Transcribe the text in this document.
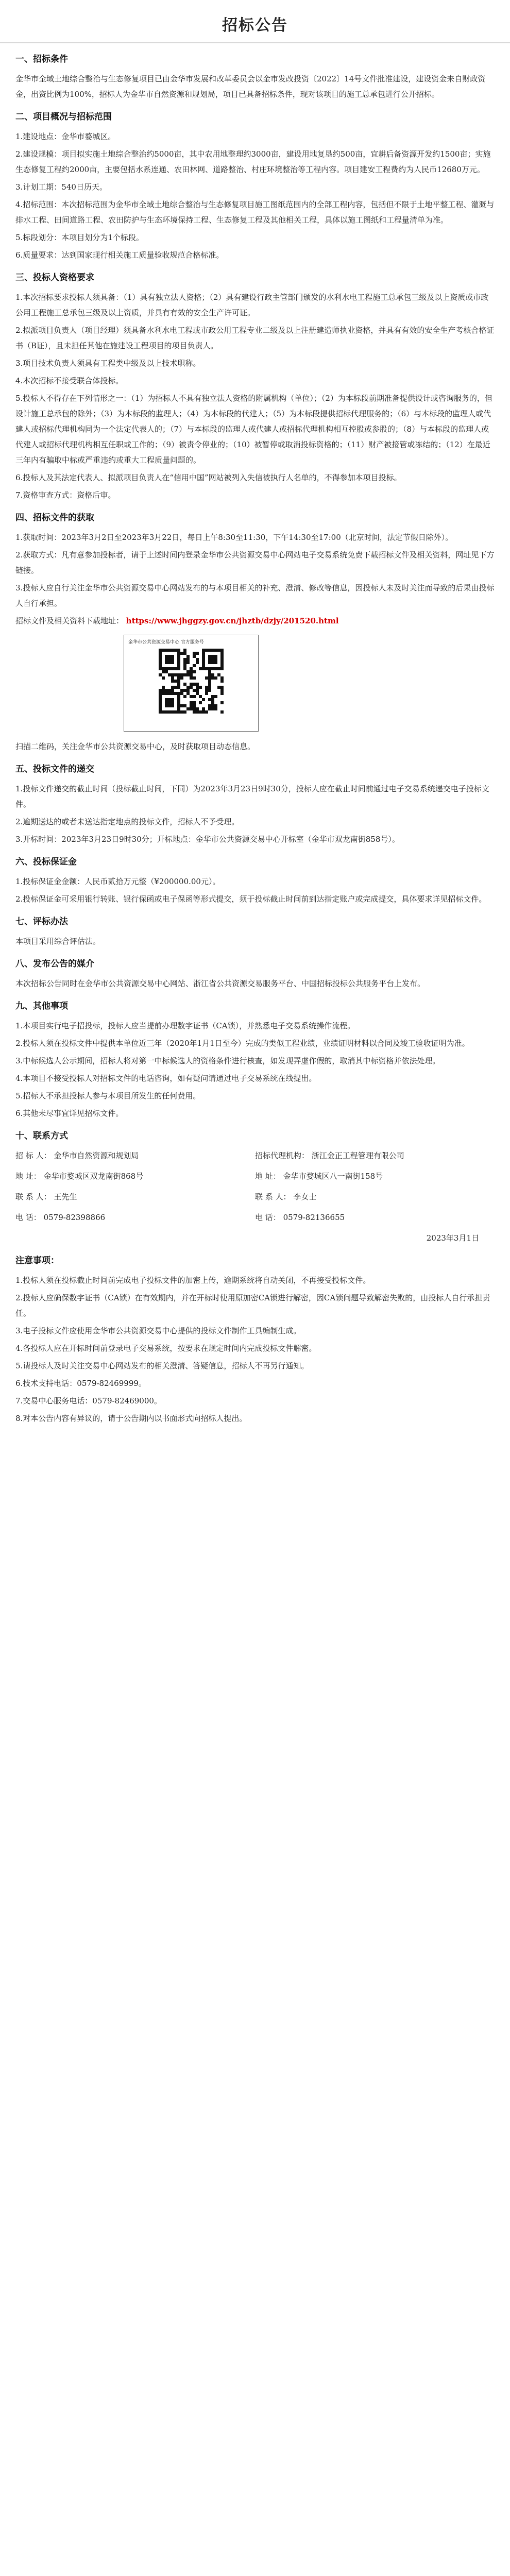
招标公告
一、招标条件

金华市全域土地综合整治与生态修复项目已由金华市发展和改革委员会以金市发改投资〔2022〕14号文件批准建设，建设资金来自财政资金，出资比例为100%，招标人为金华市自然资源和规划局，项目已具备招标条件，现对该项目的施工总承包进行公开招标。

二、项目概况与招标范围

1.建设地点：金华市婺城区。

2.建设规模：项目拟实施土地综合整治约5000亩，其中农用地整理约3000亩，建设用地复垦约500亩，宜耕后备资源开发约1500亩；实施生态修复工程约2000亩，主要包括水系连通、农田林网、道路整治、村庄环境整治等工程内容。项目建安工程费约为人民币12680万元。

3.计划工期：540日历天。

4.招标范围：本次招标范围为金华市全域土地综合整治与生态修复项目施工图纸范围内的全部工程内容，包括但不限于土地平整工程、灌溉与排水工程、田间道路工程、农田防护与生态环境保持工程、生态修复工程及其他相关工程，具体以施工图纸和工程量清单为准。

5.标段划分：本项目划分为1个标段。

6.质量要求：达到国家现行相关施工质量验收规范合格标准。

三、投标人资格要求

1.本次招标要求投标人须具备：（1）具有独立法人资格；（2）具有建设行政主管部门颁发的水利水电工程施工总承包三级及以上资质或市政公用工程施工总承包三级及以上资质，并具有有效的安全生产许可证。

2.拟派项目负责人（项目经理）须具备水利水电工程或市政公用工程专业二级及以上注册建造师执业资格，并具有有效的安全生产考核合格证书（B证），且未担任其他在施建设工程项目的项目负责人。

3.项目技术负责人须具有工程类中级及以上技术职称。

4.本次招标不接受联合体投标。

5.投标人不得存在下列情形之一：（1）为招标人不具有独立法人资格的附属机构（单位）；（2）为本标段前期准备提供设计或咨询服务的，但设计施工总承包的除外；（3）为本标段的监理人；（4）为本标段的代建人；（5）为本标段提供招标代理服务的；（6）与本标段的监理人或代建人或招标代理机构同为一个法定代表人的；（7）与本标段的监理人或代建人或招标代理机构相互控股或参股的；（8）与本标段的监理人或代建人或招标代理机构相互任职或工作的；（9）被责令停业的；（10）被暂停或取消投标资格的；（11）财产被接管或冻结的；（12）在最近三年内有骗取中标或严重违约或重大工程质量问题的。

6.投标人及其法定代表人、拟派项目负责人在“信用中国”网站被列入失信被执行人名单的，不得参加本项目投标。

7.资格审查方式：资格后审。

四、招标文件的获取

1.获取时间：2023年3月2日至2023年3月22日，每日上午8:30至11:30，下午14:30至17:00（北京时间，法定节假日除外）。

2.获取方式：凡有意参加投标者，请于上述时间内登录金华市公共资源交易中心网站电子交易系统免费下载招标文件及相关资料，网址见下方链接。

3.投标人应自行关注金华市公共资源交易中心网站发布的与本项目相关的补充、澄清、修改等信息，因投标人未及时关注而导致的后果由投标人自行承担。

招标文件及相关资料下载地址： https://www.jhggzy.gov.cn/jhztb/dzjy/201520.html

金华市公共资源交易中心 官方服务号

扫描二维码，关注金华市公共资源交易中心，及时获取项目动态信息。

五、投标文件的递交

1.投标文件递交的截止时间（投标截止时间，下同）为2023年3月23日9时30分，投标人应在截止时间前通过电子交易系统递交电子投标文件。

2.逾期送达的或者未送达指定地点的投标文件，招标人不予受理。

3.开标时间：2023年3月23日9时30分；开标地点：金华市公共资源交易中心开标室（金华市双龙南街858号）。

六、投标保证金

1.投标保证金金额：人民币贰拾万元整（¥200000.00元）。

2.投标保证金可采用银行转账、银行保函或电子保函等形式提交，须于投标截止时间前到达指定账户或完成提交，具体要求详见招标文件。

七、评标办法

本项目采用综合评估法。

八、发布公告的媒介

本次招标公告同时在金华市公共资源交易中心网站、浙江省公共资源交易服务平台、中国招标投标公共服务平台上发布。

九、其他事项

1.本项目实行电子招投标，投标人应当提前办理数字证书（CA锁），并熟悉电子交易系统操作流程。

2.投标人须在投标文件中提供本单位近三年（2020年1月1日至今）完成的类似工程业绩，业绩证明材料以合同及竣工验收证明为准。

3.中标候选人公示期间，招标人将对第一中标候选人的资格条件进行核查，如发现弄虚作假的，取消其中标资格并依法处理。

4.本项目不接受投标人对招标文件的电话咨询，如有疑问请通过电子交易系统在线提出。

5.招标人不承担投标人参与本项目所发生的任何费用。

6.其他未尽事宜详见招标文件。

十、联系方式
招 标 人： 金华市自然资源和规划局	招标代理机构： 浙江金正工程管理有限公司
地 址： 金华市婺城区双龙南街868号	地 址： 金华市婺城区八一南街158号
联 系 人： 王先生	联 系 人： 李女士
电 话： 0579-82398866	电 话： 0579-82136655

2023年3月1日

注意事项：

1.投标人须在投标截止时间前完成电子投标文件的加密上传，逾期系统将自动关闭，不再接受投标文件。

2.投标人应确保数字证书（CA锁）在有效期内，并在开标时使用原加密CA锁进行解密，因CA锁问题导致解密失败的，由投标人自行承担责任。

3.电子投标文件应使用金华市公共资源交易中心提供的投标文件制作工具编制生成。

4.各投标人应在开标时间前登录电子交易系统，按要求在规定时间内完成投标文件解密。

5.请投标人及时关注交易中心网站发布的相关澄清、答疑信息，招标人不再另行通知。

6.技术支持电话：0579-82469999。

7.交易中心服务电话：0579-82469000。

8.对本公告内容有异议的，请于公告期内以书面形式向招标人提出。
